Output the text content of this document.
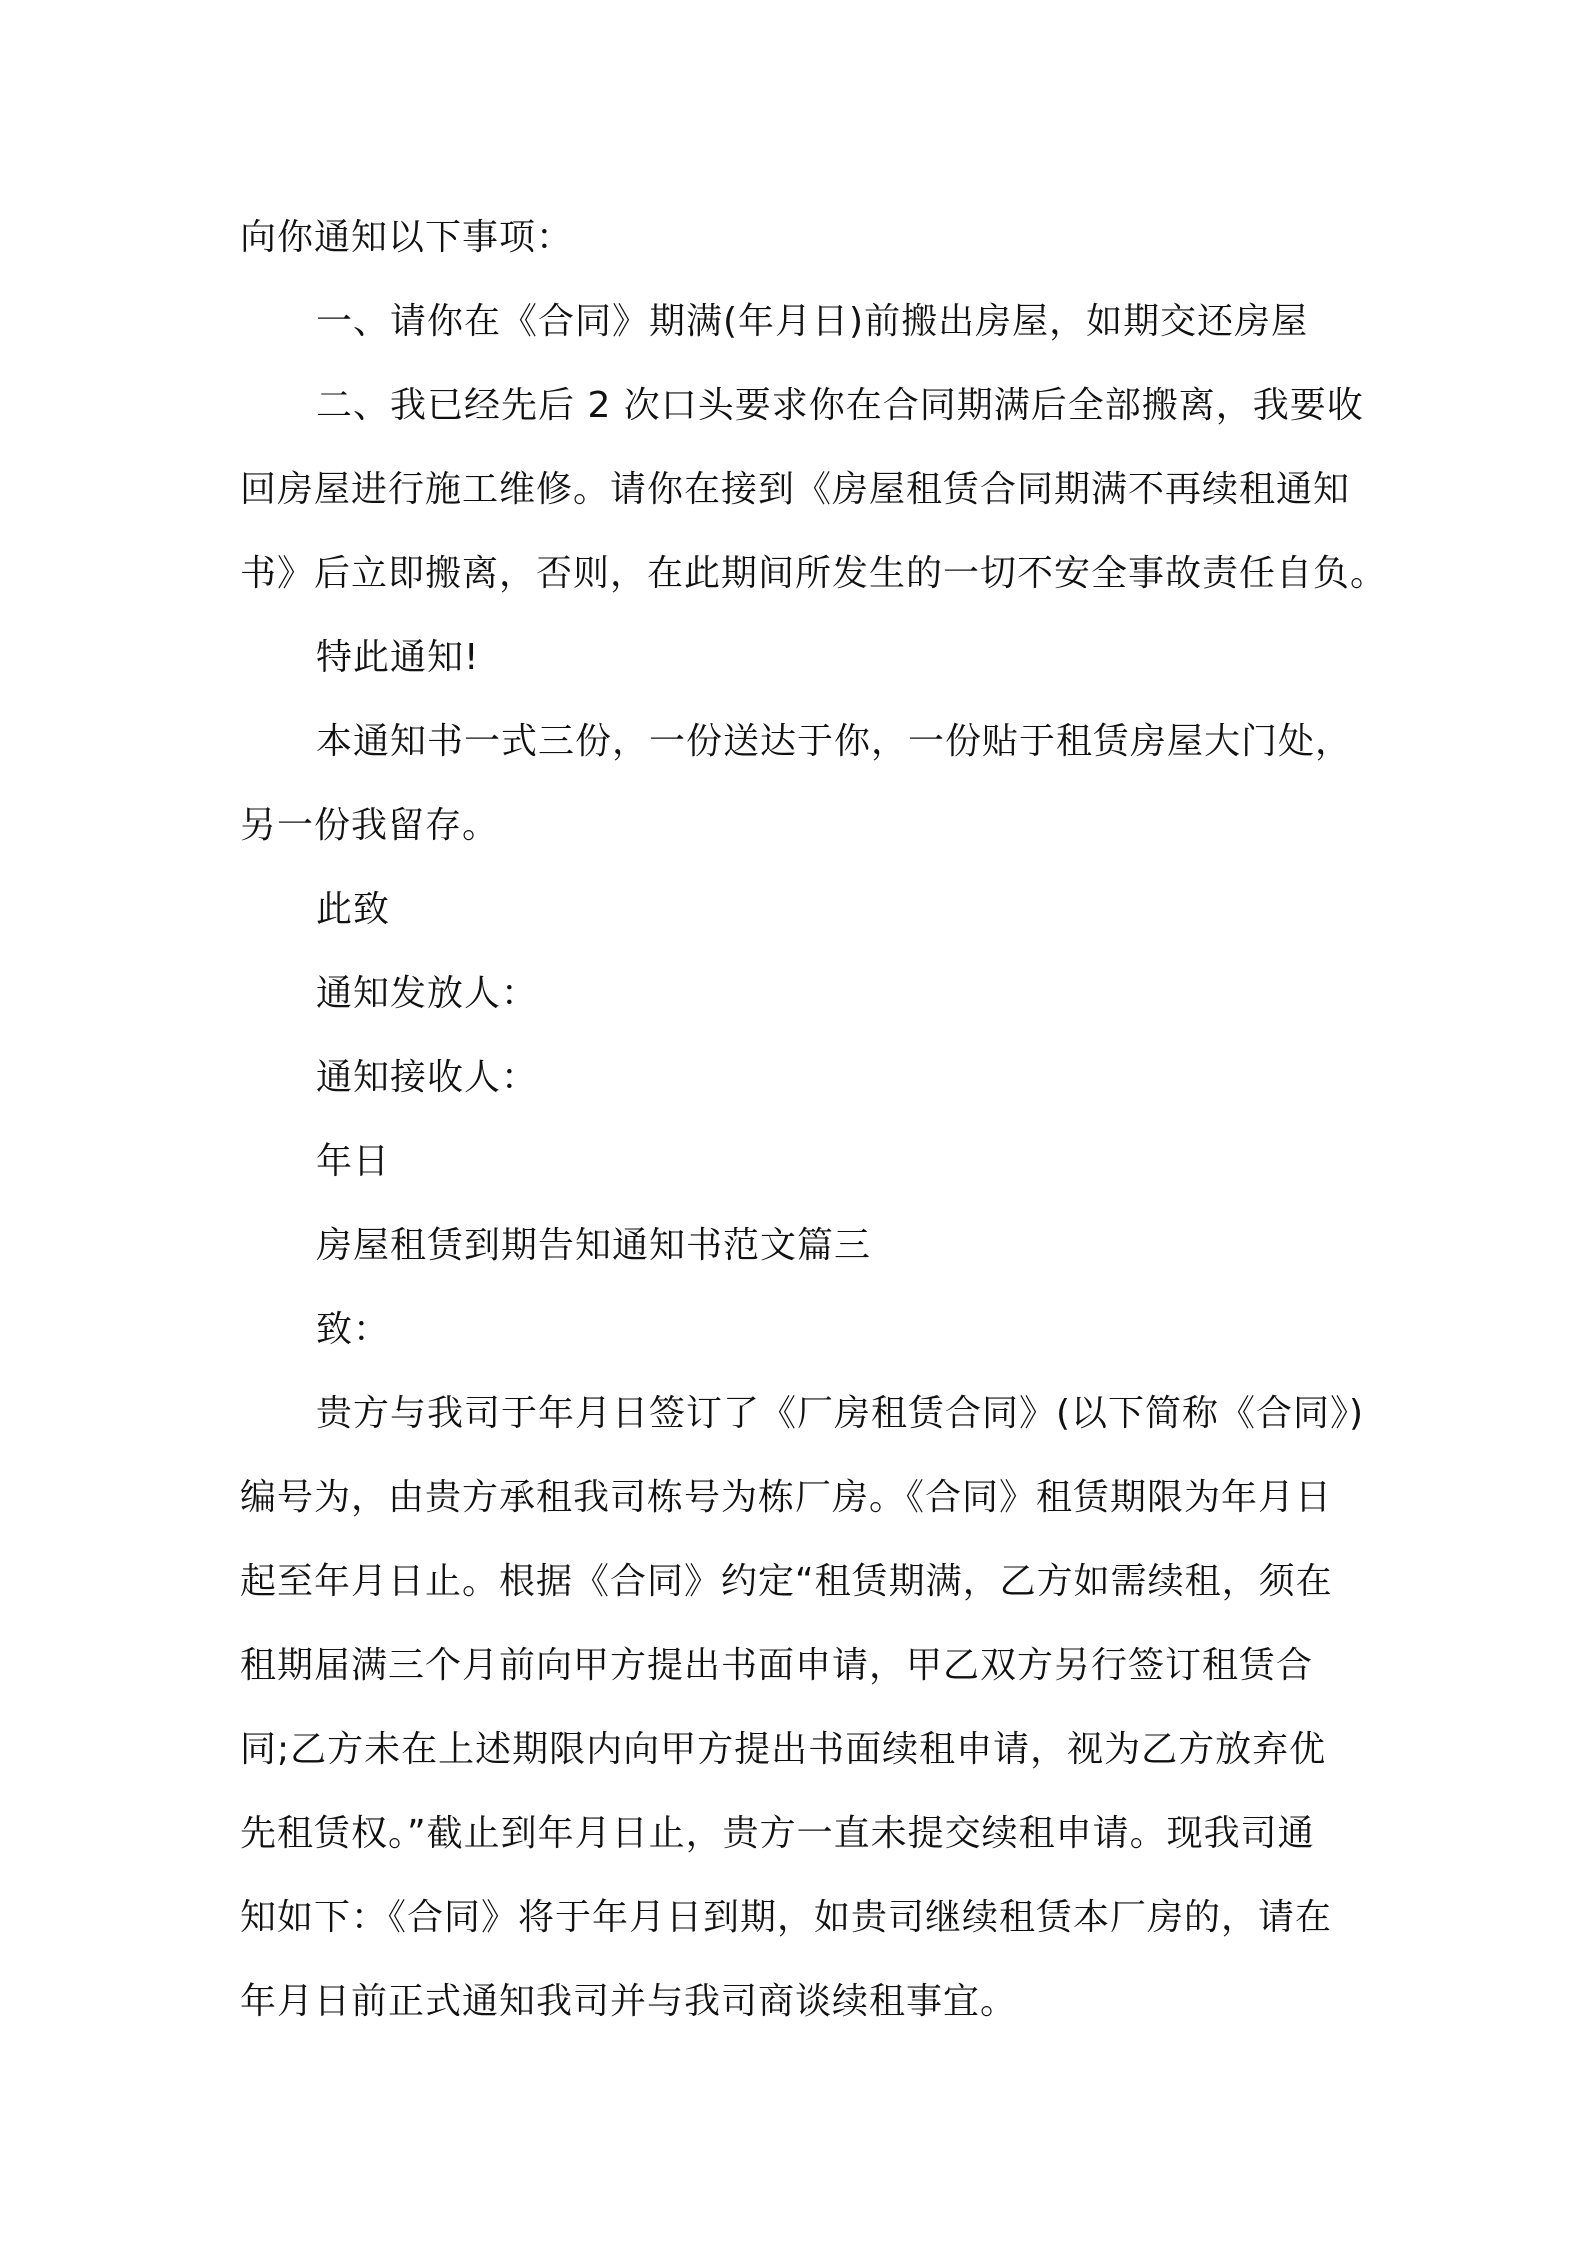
向你通知以下事项：
一、请你在《合同》期满(年月日)前搬出房屋，如期交还房屋
二、我已经先后 2 次口头要求你在合同期满后全部搬离，我要收
回房屋进行施工维修。请你在接到《房屋租赁合同期满不再续租通知
书》后立即搬离，否则，在此期间所发生的一切不安全事故责任自负。
特此通知!
本通知书一式三份，一份送达于你，一份贴于租赁房屋大门处，
另一份我留存。
此致
通知发放人：
通知接收人：
年日
房屋租赁到期告知通知书范文篇三
致：
贵方与我司于年月日签订了《厂房租赁合同》(以下简称《合同》)
编号为，由贵方承租我司栋号为栋厂房。《合同》租赁期限为年月日
起至年月日止。根据《合同》约定“租赁期满，乙方如需续租，须在
租期届满三个月前向甲方提出书面申请，甲乙双方另行签订租赁合
同;乙方未在上述期限内向甲方提出书面续租申请，视为乙方放弃优
先租赁权。”截止到年月日止，贵方一直未提交续租申请。现我司通
知如下：《合同》将于年月日到期，如贵司继续租赁本厂房的，请在
年月日前正式通知我司并与我司商谈续租事宜。
